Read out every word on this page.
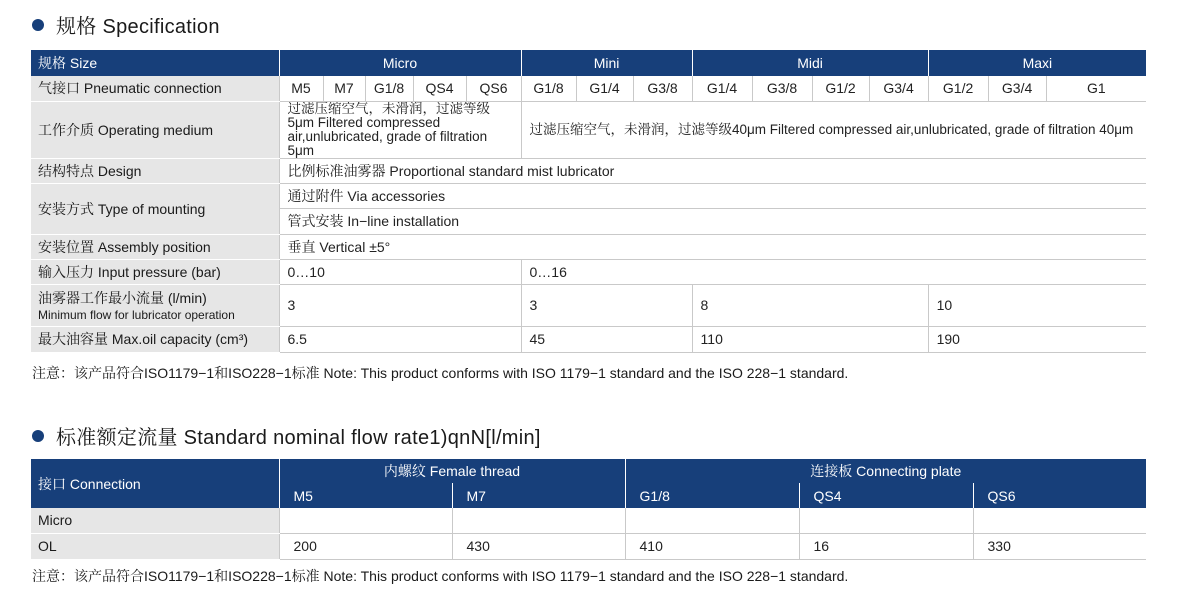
规格 Specification
规格 Size	Micro					Mini			Midi				Maxi		
气接口 Pneumatic connection	M5	M7	G1/8	QS4	QS6	G1/8	G1/4	G3/8	G1/4	G3/8	G1/2	G3/4	G1/2	G3/4	G1
工作介质 Operating medium	过滤压缩空气，未滑润，过滤等级5μm Filtered compressed air,unlubricated, grade of filtration 5μm					过滤压缩空气，未滑润，过滤等级40μm Filtered compressed air,unlubricated, grade of filtration 40μm									
结构特点 Design	比例标准油雾器 Proportional standard mist lubricator														
安装方式 Type of mounting	通过附件 Via accessories														
	管式安装 In−line installation														
安装位置 Assembly position	垂直 Vertical ±5°														
输入压力 Input pressure (bar)	0…10					0…16									

油雾器工作最小流量 (l/min)
Minimum flow for lubricator operation	3					3			8				10		
最大油容量 Max.oil capacity (cm³)	6.5					45			110				190		
注意：该产品符合ISO1179−1和ISO228−1标准 Note: This product conforms with ISO 1179−1 standard and the ISO 228−1 standard.
标准额定流量 Standard nominal flow rate1)qnN[l/min]
接口 Connection	内螺纹 Female thread		连接板 Connecting plate		
	M5	M7	G1/8	QS4	QS6
Micro					
OL	200	430	410	16	330
注意：该产品符合ISO1179−1和ISO228−1标准 Note: This product conforms with ISO 1179−1 standard and the ISO 228−1 standard.
